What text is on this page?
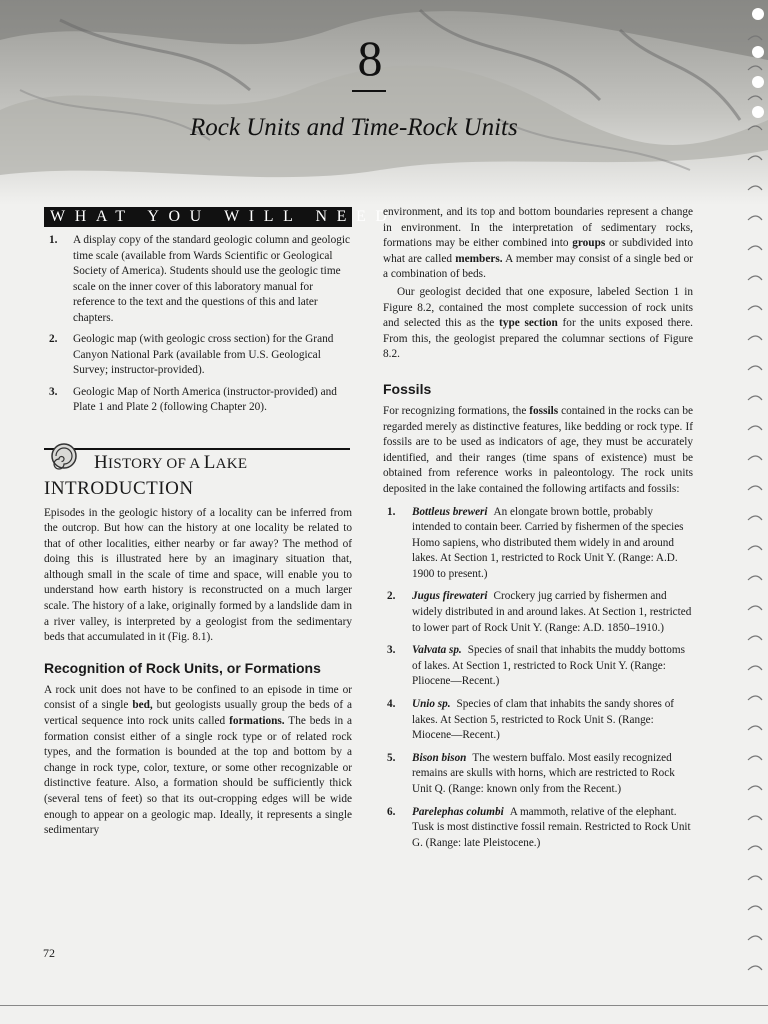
8
Rock Units and Time-Rock Units
WHAT YOU WILL NEED
1. A display copy of the standard geologic column and geologic time scale (available from Wards Scientific or Geological Society of America). Students should use the geologic time scale on the inner cover of this laboratory manual for reference to the text and the questions of this and later chapters.
2. Geologic map (with geologic cross section) for the Grand Canyon National Park (available from U.S. Geological Survey; instructor-provided).
3. Geologic Map of North America (instructor-provided) and Plate 1 and Plate 2 (following Chapter 20).
HISTORY OF A LAKE
INTRODUCTION

Episodes in the geologic history of a locality can be inferred from the outcrop. But how can the history at one locality be related to that of other localities, either nearby or far away? The method of doing this is illustrated here by an imaginary situation that, although small in the scale of time and space, will enable you to understand how earth history is reconstructed on a much larger scale. The history of a lake, originally formed by a landslide dam in a river valley, is interpreted by a geologist from the sedimentary beds that accumulated in it (Fig. 8.1).

Recognition of Rock Units, or Formations

A rock unit does not have to be confined to an episode in time or consist of a single bed, but geologists usually group the beds of a vertical sequence into rock units called formations. The beds in a formation consist either of a single rock type or of related rock types, and the formation is bounded at the top and bottom by a change in rock type, color, texture, or some other recognizable or distinctive feature. Also, a formation should be sufficiently thick (several tens of feet) so that its out-cropping edges will be wide enough to appear on a geologic map. Ideally, it represents a single sedimentary

environment, and its top and bottom boundaries represent a change in environment. In the interpretation of sedimentary rocks, formations may be either combined into groups or subdivided into what are called members. A member may consist of a single bed or a combination of beds.

Our geologist decided that one exposure, labeled Section 1 in Figure 8.2, contained the most complete succession of rock units and selected this as the type section for the units exposed there. From this, the geologist prepared the columnar sections of Figure 8.2.

Fossils

For recognizing formations, the fossils contained in the rocks can be regarded merely as distinctive features, like bedding or rock type. If fossils are to be used as indicators of age, they must be accurately identified, and their ranges (time spans of existence) must be obtained from reference works in paleontology. The rock units deposited in the lake contained the following artifacts and fossils:

1. Bottleus breweri An elongate brown bottle, probably intended to contain beer. Carried by fishermen of the species Homo sapiens, who distributed them widely in and around lakes. At Section 1, restricted to Rock Unit Y. (Range: A.D. 1900 to present.)
2. Jugus firewateri Crockery jug carried by fishermen and widely distributed in and around lakes. At Section 1, restricted to lower part of Rock Unit Y. (Range: A.D. 1850–1910.)
3. Valvata sp. Species of snail that inhabits the muddy bottoms of lakes. At Section 1, restricted to Rock Unit Y. (Range: Pliocene—Recent.)
4. Unio sp. Species of clam that inhabits the sandy shores of lakes. At Section 5, restricted to Rock Unit S. (Range: Miocene—Recent.)
5. Bison bison The western buffalo. Most easily recognized remains are skulls with horns, which are restricted to Rock Unit Q. (Range: known only from the Recent.)
6. Parelephas columbi A mammoth, relative of the elephant. Tusk is most distinctive fossil remain. Restricted to Rock Unit G. (Range: late Pleistocene.)
72
